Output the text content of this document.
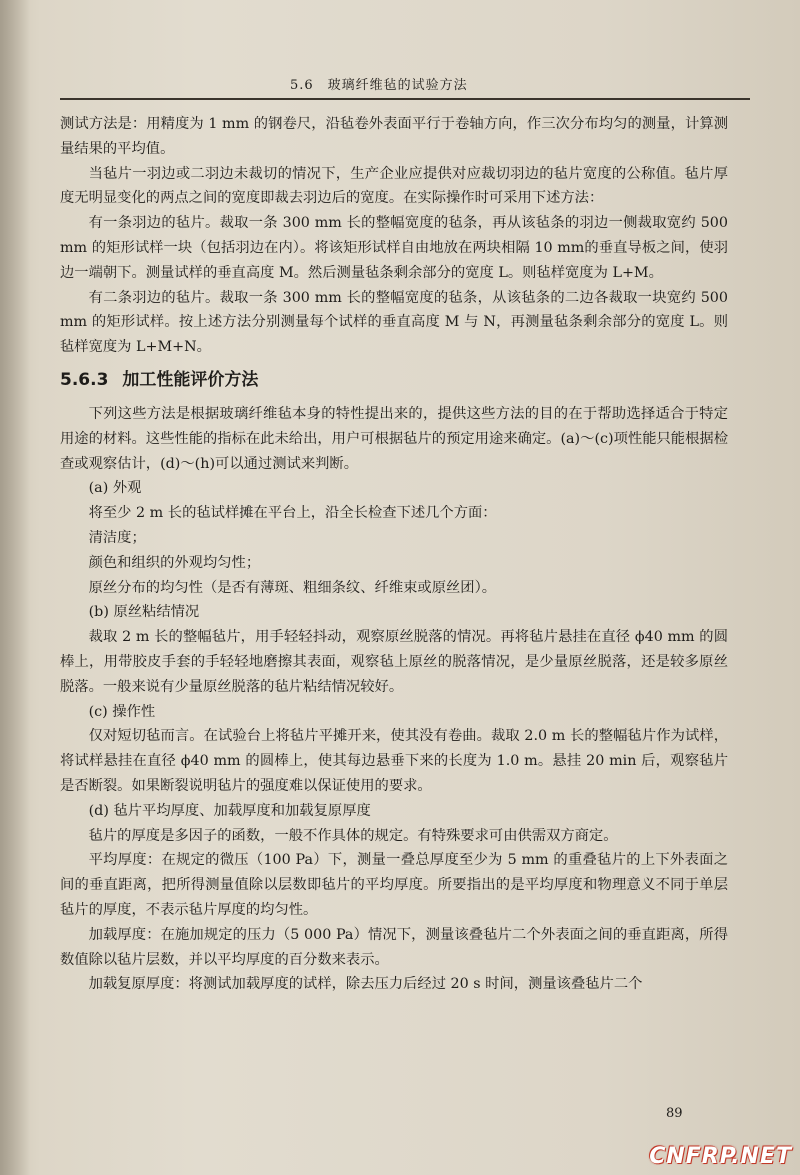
5.6　玻璃纤维毡的试验方法

测试方法是：用精度为 1 mm 的钢卷尺，沿毡卷外表面平行于卷轴方向，作三次分布均匀的测量，计算测量结果的平均值。

当毡片一羽边或二羽边未裁切的情况下，生产企业应提供对应裁切羽边的毡片宽度的公称值。毡片厚度无明显变化的两点之间的宽度即裁去羽边后的宽度。在实际操作时可采用下述方法：

有一条羽边的毡片。裁取一条 300 mm 长的整幅宽度的毡条，再从该毡条的羽边一侧裁取宽约 500 mm 的矩形试样一块（包括羽边在内）。将该矩形试样自由地放在两块相隔 10 mm的垂直导板之间，使羽边一端朝下。测量试样的垂直高度 M。然后测量毡条剩余部分的宽度 L。则毡样宽度为 L+M。

有二条羽边的毡片。裁取一条 300 mm 长的整幅宽度的毡条，从该毡条的二边各裁取一块宽约 500 mm 的矩形试样。按上述方法分别测量每个试样的垂直高度 M 与 N，再测量毡条剩余部分的宽度 L。则毡样宽度为 L+M+N。

5.6.3 加工性能评价方法

下列这些方法是根据玻璃纤维毡本身的特性提出来的，提供这些方法的目的在于帮助选择适合于特定用途的材料。这些性能的指标在此未给出，用户可根据毡片的预定用途来确定。(a)～(c)项性能只能根据检查或观察估计，(d)～(h)可以通过测试来判断。

(a) 外观

将至少 2 m 长的毡试样摊在平台上，沿全长检查下述几个方面：

清洁度；

颜色和组织的外观均匀性；

原丝分布的均匀性（是否有薄斑、粗细条纹、纤维束或原丝团）。

(b) 原丝粘结情况

裁取 2 m 长的整幅毡片，用手轻轻抖动，观察原丝脱落的情况。再将毡片悬挂在直径 ϕ40 mm 的圆棒上，用带胶皮手套的手轻轻地磨擦其表面，观察毡上原丝的脱落情况，是少量原丝脱落，还是较多原丝脱落。一般来说有少量原丝脱落的毡片粘结情况较好。

(c) 操作性

仅对短切毡而言。在试验台上将毡片平摊开来，使其没有卷曲。裁取 2.0 m 长的整幅毡片作为试样，将试样悬挂在直径 ϕ40 mm 的圆棒上，使其每边悬垂下来的长度为 1.0 m。悬挂 20 min 后，观察毡片是否断裂。如果断裂说明毡片的强度难以保证使用的要求。

(d) 毡片平均厚度、加载厚度和加载复原厚度

毡片的厚度是多因子的函数，一般不作具体的规定。有特殊要求可由供需双方商定。

平均厚度：在规定的微压（100 Pa）下，测量一叠总厚度至少为 5 mm 的重叠毡片的上下外表面之间的垂直距离，把所得测量值除以层数即毡片的平均厚度。所要指出的是平均厚度和物理意义不同于单层毡片的厚度，不表示毡片厚度的均匀性。

加载厚度：在施加规定的压力（5 000 Pa）情况下，测量该叠毡片二个外表面之间的垂直距离，所得数值除以毡片层数，并以平均厚度的百分数来表示。

加载复原厚度：将测试加载厚度的试样，除去压力后经过 20 s 时间，测量该叠毡片二个

89
CNFRP.NET
